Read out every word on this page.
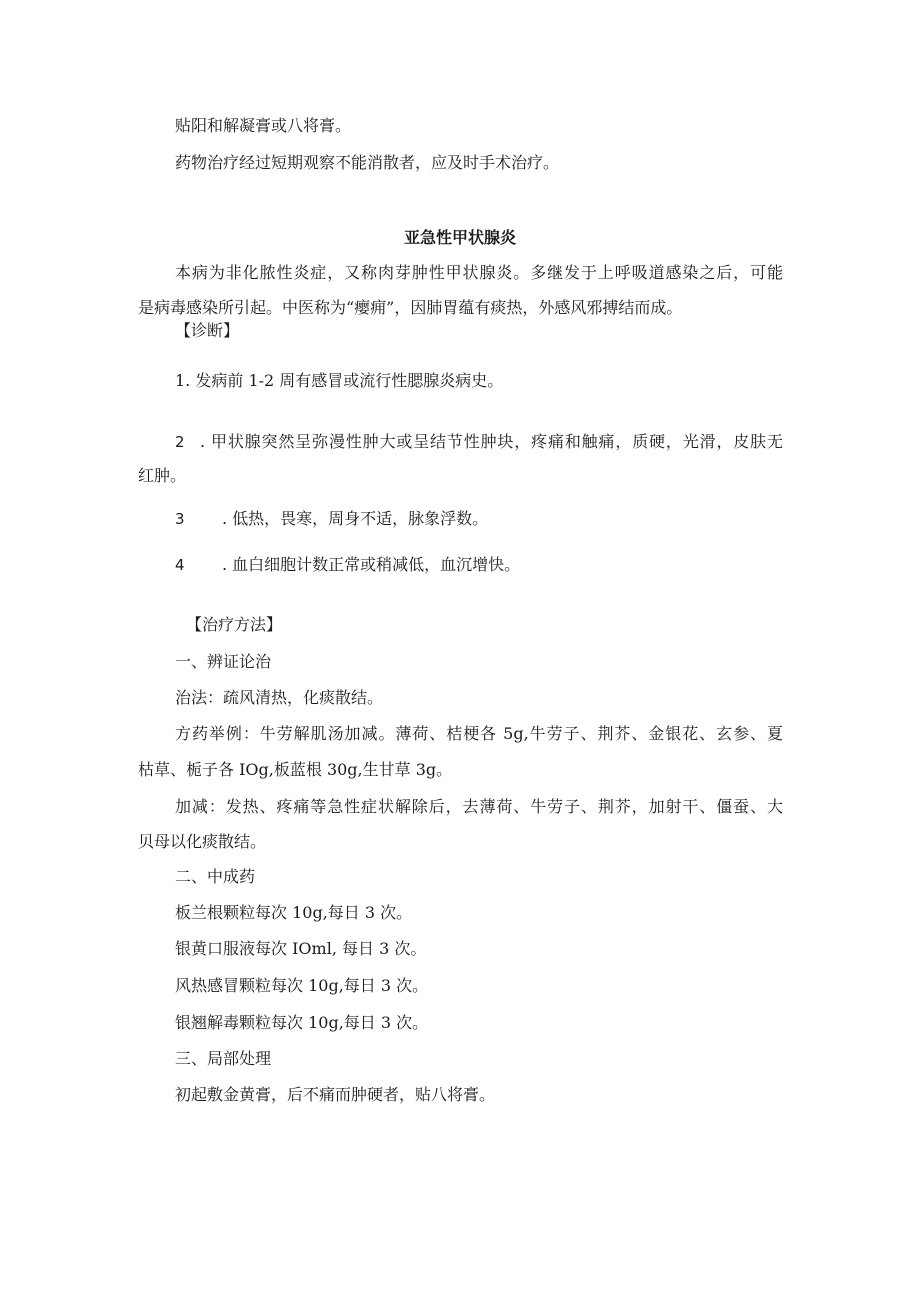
贴阳和解凝膏或八将膏。

药物治疗经过短期观察不能消散者，应及时手术治疗。

亚急性甲状腺炎

本病为非化脓性炎症，又称肉芽肿性甲状腺炎。多继发于上呼吸道感染之后，可能

是病毒感染所引起。中医称为“瘿痈”，因肺胃蕴有痰热，外感风邪搏结而成。

【诊断】

1. 发病前 1-2 周有感冒或流行性腮腺炎病史。

2 . 甲状腺突然呈弥漫性肿大或呈结节性肿块，疼痛和触痛，质硬，光滑，皮肤无

红肿。

3 . 低热，畏寒，周身不适，脉象浮数。

4 . 血白细胞计数正常或稍减低，血沉增快。

【治疗方法】

一、辨证论治

治法：疏风清热，化痰散结。

方药举例：牛劳解肌汤加减。薄荷、桔梗各 5g,牛劳子、荆芥、金银花、玄参、夏

枯草、栀子各 IOg,板蓝根 30g,生甘草 3g。

加减：发热、疼痛等急性症状解除后，去薄荷、牛劳子、荆芥，加射干、僵蚕、大

贝母以化痰散结。

二、中成药

板兰根颗粒每次 10g,每日 3 次。

银黄口服液每次 IOml, 每日 3 次。

风热感冒颗粒每次 10g,每日 3 次。

银翘解毒颗粒每次 10g,每日 3 次。

三、局部处理

初起敷金黄膏，后不痛而肿硬者，贴八将膏。
